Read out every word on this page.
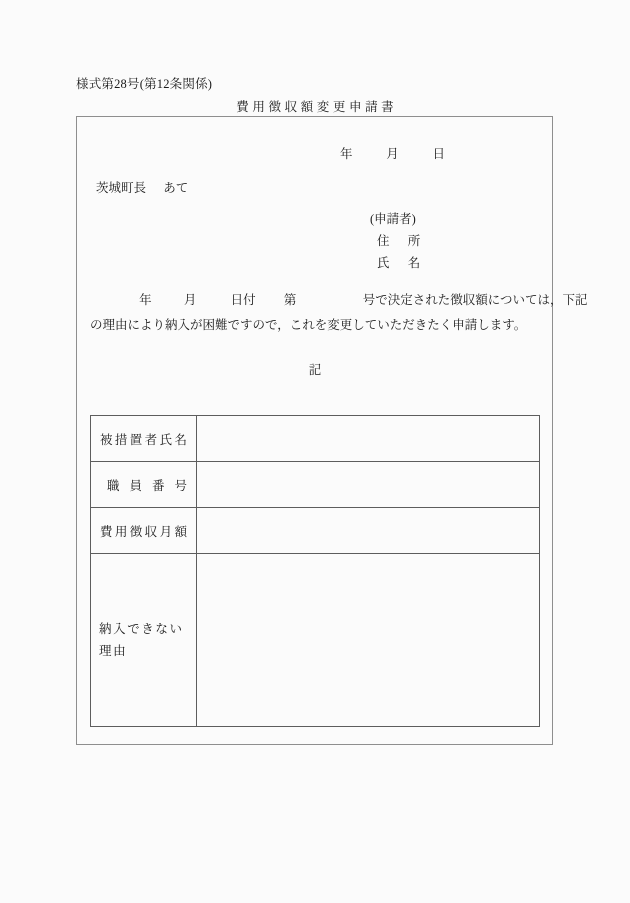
様式第28号(第12条関係)
費用徴収額変更申請書
年	月	日
茨城町長 あて
(申請者)
住 所
氏 名
年	月	日付 第	号で決定された徴収額については，下記
の理由により納入が困難ですので，これを変更していただきたく申請します。
記
被措置者氏名	

職員番号	

費用徴収月額	

納入できない理由	
